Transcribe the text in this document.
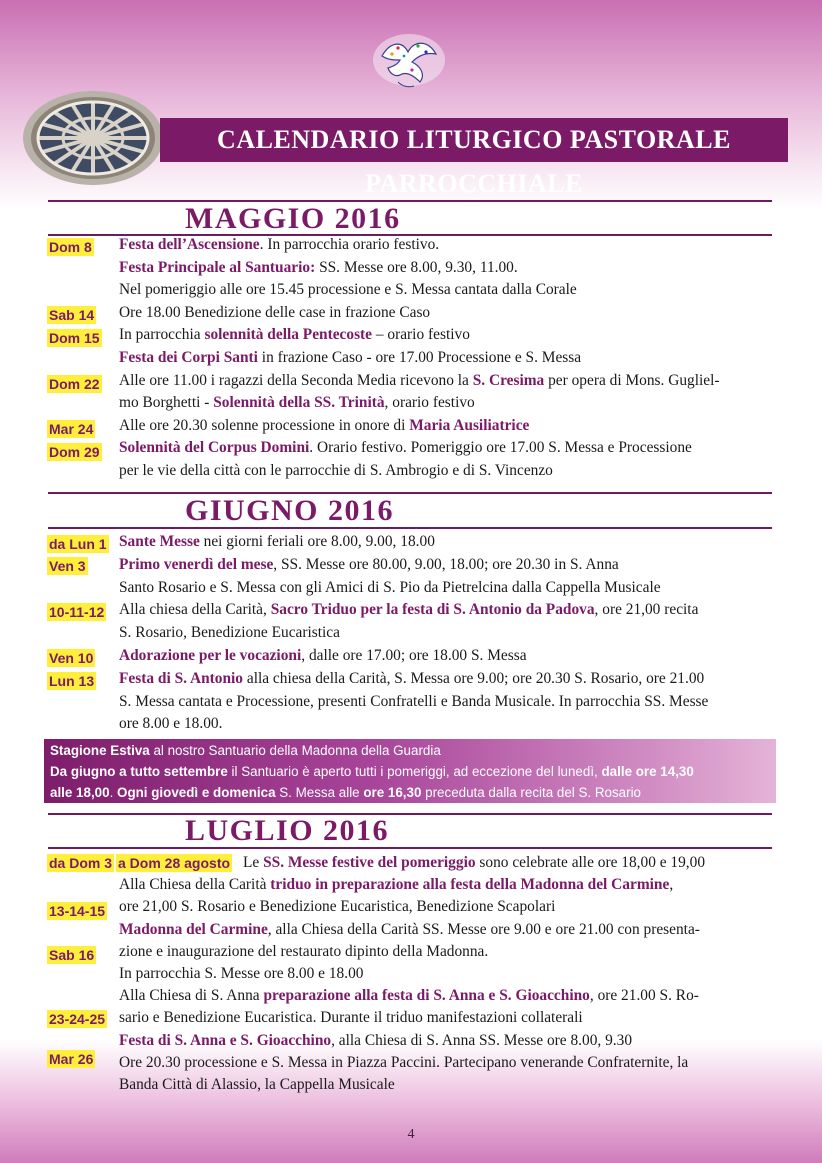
CALENDARIO LITURGICO PASTORALE PARROCCHIALE
MAGGIO 2016
Dom 8
Sab 14
Dom 15
Dom 22
Mar 24
Dom 29
GIUGNO 2016
da Lun 1
Ven 3
10-11-12
Ven 10
Lun 13
Stagione Estiva al nostro Santuario della Madonna della Guardia
Da giugno a tutto settembre il Santuario è aperto tutti i pomeriggi, ad eccezione del lunedì, dalle ore 14,30
alle 18,00. Ogni giovedì e domenica S. Messa alle ore 16,30 preceduta dalla recita del S. Rosario
LUGLIO 2016
da Dom 3 a Dom 28 agosto
13-14-15
Sab 16
23-24-25
Mar 26
4
Festa dell’Ascensione. In parrocchia orario festivo.
Festa Principale al Santuario: SS. Messe ore 8.00, 9.30, 11.00.
Nel pomeriggio alle ore 15.45 processione e S. Messa cantata dalla Corale
Ore 18.00 Benedizione delle case in frazione Caso
In parrocchia solennità della Pentecoste – orario festivo
Festa dei Corpi Santi in frazione Caso - ore 17.00 Processione e S. Messa
Alle ore 11.00 i ragazzi della Seconda Media ricevono la S. Cresima per opera di Mons. Gugliel-
mo Borghetti - Solennità della SS. Trinità, orario festivo
Alle ore 20.30 solenne processione in onore di Maria Ausiliatrice
Solennità del Corpus Domini. Orario festivo. Pomeriggio ore 17.00 S. Messa e Processione
per le vie della città con le parrocchie di S. Ambrogio e di S. Vincenzo
Sante Messe nei giorni feriali ore 8.00, 9.00, 18.00
Primo venerdì del mese, SS. Messe ore 80.00, 9.00, 18.00; ore 20.30 in S. Anna
Santo Rosario e S. Messa con gli Amici di S. Pio da Pietrelcina dalla Cappella Musicale
Alla chiesa della Carità, Sacro Triduo per la festa di S. Antonio da Padova, ore 21,00 recita
S. Rosario, Benedizione Eucaristica
Adorazione per le vocazioni, dalle ore 17.00; ore 18.00 S. Messa
Festa di S. Antonio alla chiesa della Carità, S. Messa ore 9.00; ore 20.30 S. Rosario, ore 21.00
S. Messa cantata e Processione, presenti Confratelli e Banda Musicale. In parrocchia SS. Messe
ore 8.00 e 18.00.
Le SS. Messe festive del pomeriggio sono celebrate alle ore 18,00 e 19,00
Alla Chiesa della Carità triduo in preparazione alla festa della Madonna del Carmine,
ore 21,00 S. Rosario e Benedizione Eucaristica, Benedizione Scapolari
Madonna del Carmine, alla Chiesa della Carità SS. Messe ore 9.00 e ore 21.00 con presenta-
zione e inaugurazione del restaurato dipinto della Madonna.
In parrocchia S. Messe ore 8.00 e 18.00
Alla Chiesa di S. Anna preparazione alla festa di S. Anna e S. Gioacchino, ore 21.00 S. Ro-
sario e Benedizione Eucaristica. Durante il triduo manifestazioni collaterali
Festa di S. Anna e S. Gioacchino, alla Chiesa di S. Anna SS. Messe ore 8.00, 9.30
Ore 20.30 processione e S. Messa in Piazza Paccini. Partecipano venerande Confraternite, la
Banda Città di Alassio, la Cappella Musicale
